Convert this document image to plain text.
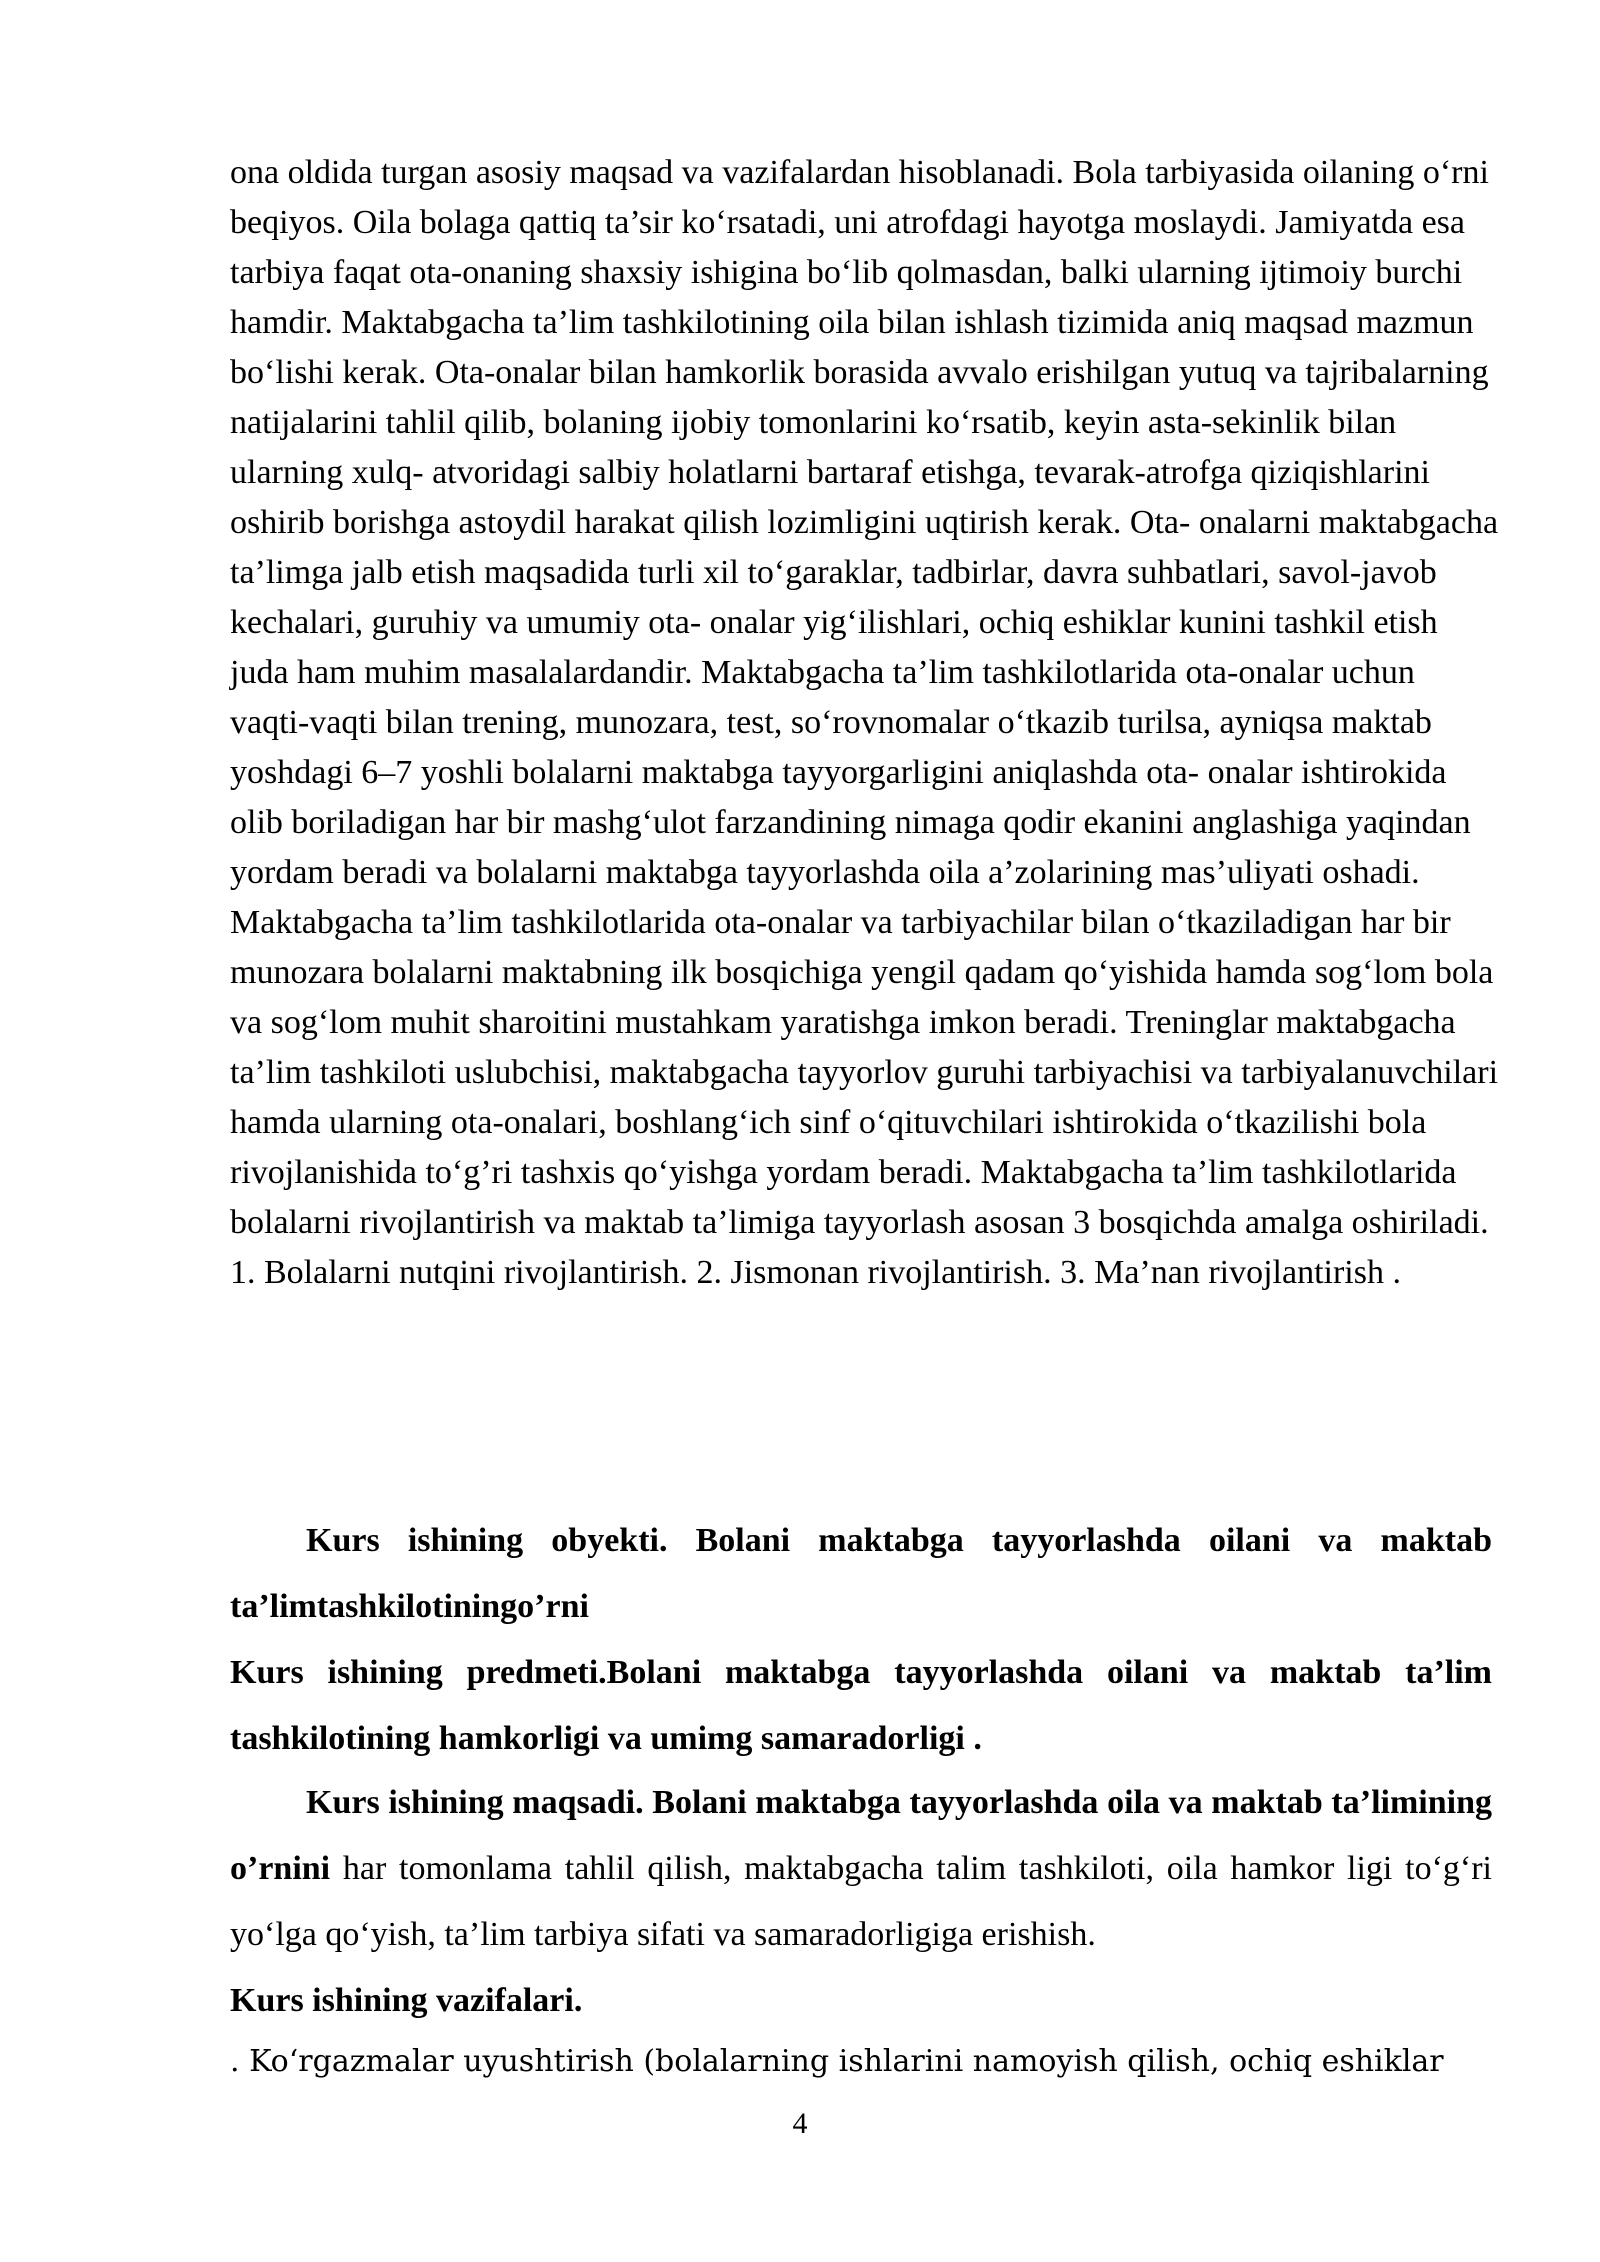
ona oldida turgan asosiy maqsad va vazifalardan hisoblanadi. Bola tarbiyasida oilaning o‘rni beqiyos. Oila bolaga qattiq ta’sir ko‘rsatadi, uni atrofdagi hayotga moslaydi. Jamiyatda esa tarbiya faqat ota-onaning shaxsiy ishigina bo‘lib qolmasdan, balki ularning ijtimoiy burchi hamdir. Maktabgacha ta’lim tashkilotining oila bilan ishlash tizimida aniq maqsad mazmun bo‘lishi kerak. Ota-onalar bilan hamkorlik borasida avvalo erishilgan yutuq va tajribalarning natijalarini tahlil qilib, bolaning ijobiy tomonlarini ko‘rsatib, keyin asta-sekinlik bilan ularning xulq- atvoridagi salbiy holatlarni bartaraf etishga, tevarak-atrofga qiziqishlarini oshirib borishga astoydil harakat qilish lozimligini uqtirish kerak. Ota- onalarni maktabgacha ta’limga jalb etish maqsadida turli xil to‘garaklar, tadbirlar, davra suhbatlari, savol-javob kechalari, guruhiy va umumiy ota- onalar yig‘ilishlari, ochiq eshiklar kunini tashkil etish juda ham muhim masalalardandir. Maktabgacha ta’lim tashkilotlarida ota-onalar uchun vaqti-vaqti bilan trening, munozara, test, so‘rovnomalar o‘tkazib turilsa, ayniqsa maktab yoshdagi 6–7 yoshli bolalarni maktabga tayyorgarligini aniqlashda ota- onalar ishtirokida olib boriladigan har bir mashg‘ulot farzandining nimaga qodir ekanini anglashiga yaqindan yordam beradi va bolalarni maktabga tayyorlashda oila a’zolarining mas’uliyati oshadi. Maktabgacha ta’lim tashkilotlarida ota-onalar va tarbiyachilar bilan o‘tkaziladigan har bir munozara bolalarni maktabning ilk bosqichiga yengil qadam qo‘yishida hamda sog‘lom bola va sog‘lom muhit sharoitini mustahkam yaratishga imkon beradi. Treninglar maktabgacha ta’lim tashkiloti uslubchisi, maktabgacha tayyorlov guruhi tarbiyachisi va tarbiyalanuvchilari hamda ularning ota-onalari, boshlang‘ich sinf o‘qituvchilari ishtirokida o‘tkazilishi bola rivojlanishida to‘g’ri tashxis qo‘yishga yordam beradi. Maktabgacha ta’lim tashkilotlarida bolalarni rivojlantirish va maktab ta’limiga tayyorlash asosan 3 bosqichda amalga oshiriladi. 1. Bolalarni nutqini rivojlantirish. 2. Jismonan rivojlantirish. 3. Ma’nan rivojlantirish .

Kurs ishining obyekti. Bolani maktabga tayyorlashda oilani va maktab ta’limtashkilotiningo’rni

Kurs ishining predmeti.Bolani maktabga tayyorlashda oilani va maktab ta’lim tashkilotining hamkorligi va umimg samaradorligi .

Kurs ishining maqsadi. Bolani maktabga tayyorlashda oila va maktab ta’limining o’rnini har tomonlama tahlil qilish, maktabgacha talim tashkiloti, oila hamkor ligi to‘g‘ri yo‘lga qo‘yish, ta’lim tarbiya sifati va samaradorligiga erishish.

Kurs ishining vazifalari.

. Ko‘rgazmalar uyushtirish (bolalarning ishlarini namoyish qilish, ochiq eshiklar

4
